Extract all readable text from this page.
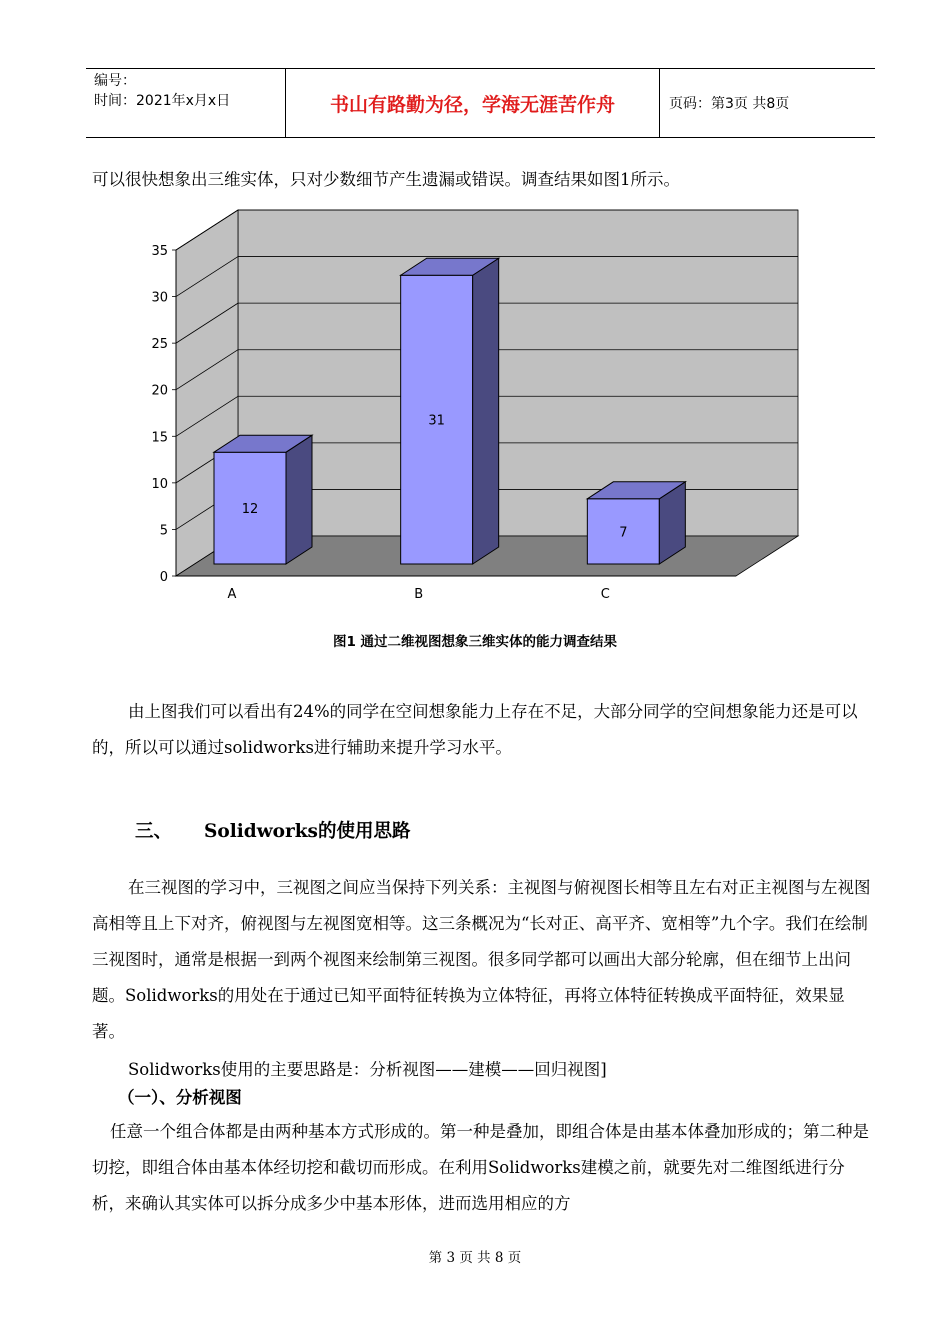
编号：
时间：2021年x月x日	书山有路勤为径，学海无涯苦作舟	页码：第3页 共8页
可以很快想象出三维实体，只对少数细节产生遗漏或错误。调查结果如图1所示。
0
5
10
15
20
25
30
35
12
A
31
B
7
C
图1 通过二维视图想象三维实体的能力调查结果
由上图我们可以看出有24%的同学在空间想象能力上存在不足，大部分同学的空间想象能力还是可以的，所以可以通过solidworks进行辅助来提升学习水平。
三、 Solidworks的使用思路
在三视图的学习中，三视图之间应当保持下列关系：主视图与俯视图长相等且左右对正主视图与左视图高相等且上下对齐，俯视图与左视图宽相等。这三条概况为“长对正、高平齐、宽相等”九个字。我们在绘制三视图时，通常是根据一到两个视图来绘制第三视图。很多同学都可以画出大部分轮廓，但在细节上出问题。Solidworks的用处在于通过已知平面特征转换为立体特征，再将立体特征转换成平面特征，效果显著。
Solidworks使用的主要思路是：分析视图——建模——回归视图]
（一）、分析视图
任意一个组合体都是由两种基本方式形成的。第一种是叠加，即组合体是由基本体叠加形成的；第二种是切挖，即组合体由基本体经切挖和截切而形成。在利用Solidworks建模之前，就要先对二维图纸进行分析，来确认其实体可以拆分成多少中基本形体，进而选用相应的方
第 3 页 共 8 页
